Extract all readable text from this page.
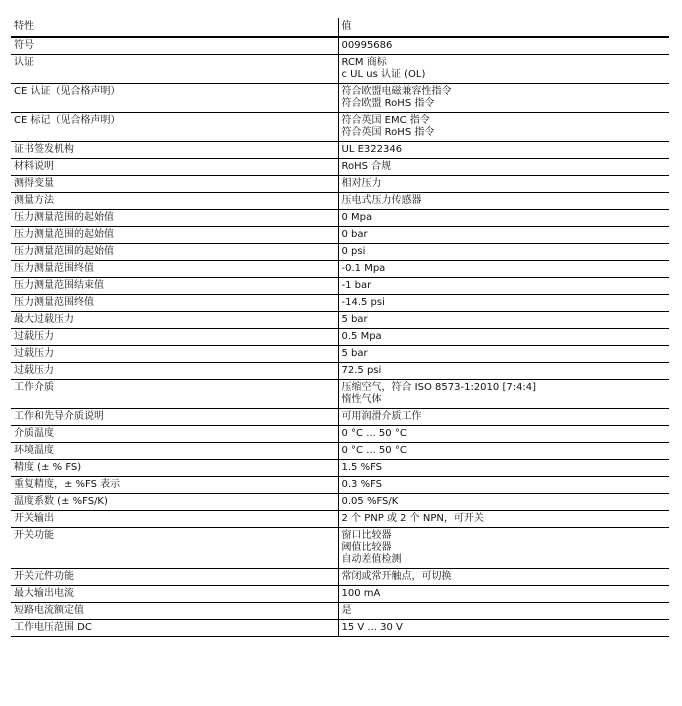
特性	值
符号	00995686

认证	RCM 商标
c UL us 认证 (OL)

CE 认证（见合格声明）	符合欧盟电磁兼容性指令
符合欧盟 RoHS 指令

CE 标记（见合格声明）	符合英国 EMC 指令
符合英国 RoHS 指令

证书签发机构	UL E322346

材料说明	RoHS 合规

测得变量	相对压力

测量方法	压电式压力传感器

压力测量范围的起始值	0 Mpa

压力测量范围的起始值	0 bar

压力测量范围的起始值	0 psi

压力测量范围终值	-0.1 Mpa

压力测量范围结束值	-1 bar

压力测量范围终值	-14.5 psi

最大过载压力	5 bar

过载压力	0.5 Mpa

过载压力	5 bar

过载压力	72.5 psi

工作介质	压缩空气，符合 ISO 8573-1:2010 [7:4:4]
惰性气体

工作和先导介质说明	可用润滑介质工作

介质温度	0 °C ... 50 °C

环境温度	0 °C ... 50 °C

精度 (± % FS)	1.5 %FS

重复精度，± %FS 表示	0.3 %FS

温度系数 (± %FS/K)	0.05 %FS/K

开关输出	2 个 PNP 或 2 个 NPN，可开关

开关功能	窗口比较器
阈值比较器
自动差值检测

开关元件功能	常闭或常开触点，可切换

最大输出电流	100 mA

短路电流额定值	是

工作电压范围 DC	15 V ... 30 V
